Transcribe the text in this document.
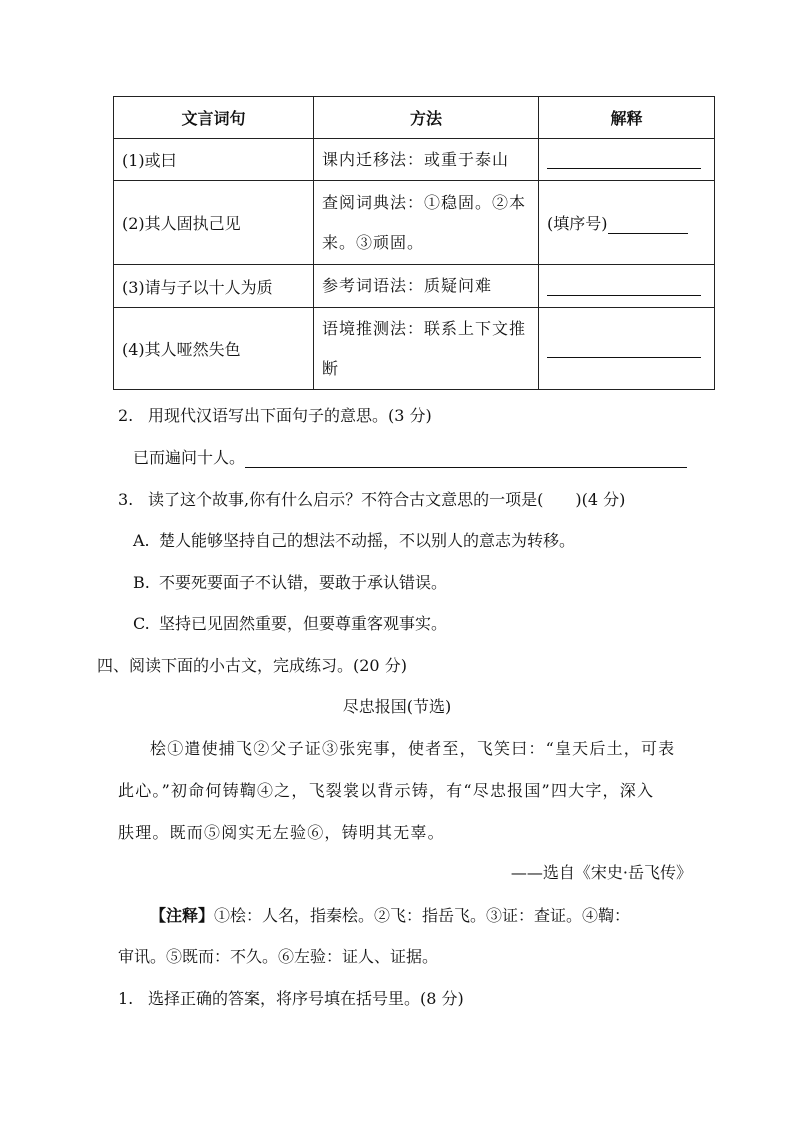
文言词句	方法	解释
(1)或曰	课内迁移法：或重于泰山	
(2)其人固执己见	查阅词典法：①稳固。②本来。③顽固。	(填序号)
(3)请与子以十人为质	参考词语法：质疑问难	
(4)其人哑然失色	语境推测法：联系上下文推断	
2. 用现代汉语写出下面句子的意思。(3 分)
已而遍问十人。
3. 读了这个故事,你有什么启示？不符合古文意思的一项是(　　)(4 分)
A. 楚人能够坚持自己的想法不动摇，不以别人的意志为转移。
B. 不要死要面子不认错，要敢于承认错误。
C. 坚持已见固然重要，但要尊重客观事实。
四、阅读下面的小古文，完成练习。(20 分)
尽忠报国(节选)
桧①遣使捕飞②父子证③张宪事，使者至，飞笑曰：“皇天后土，可表
此心。”初命何铸鞫④之，飞裂裳以背示铸，有“尽忠报国”四大字，深入
肤理。既而⑤阅实无左验⑥，铸明其无辜。
——选自《宋史·岳飞传》
【注释】①桧：人名，指秦桧。②飞：指岳飞。③证：查证。④鞫：
审讯。⑤既而：不久。⑥左验：证人、证据。
1. 选择正确的答案，将序号填在括号里。(8 分)
